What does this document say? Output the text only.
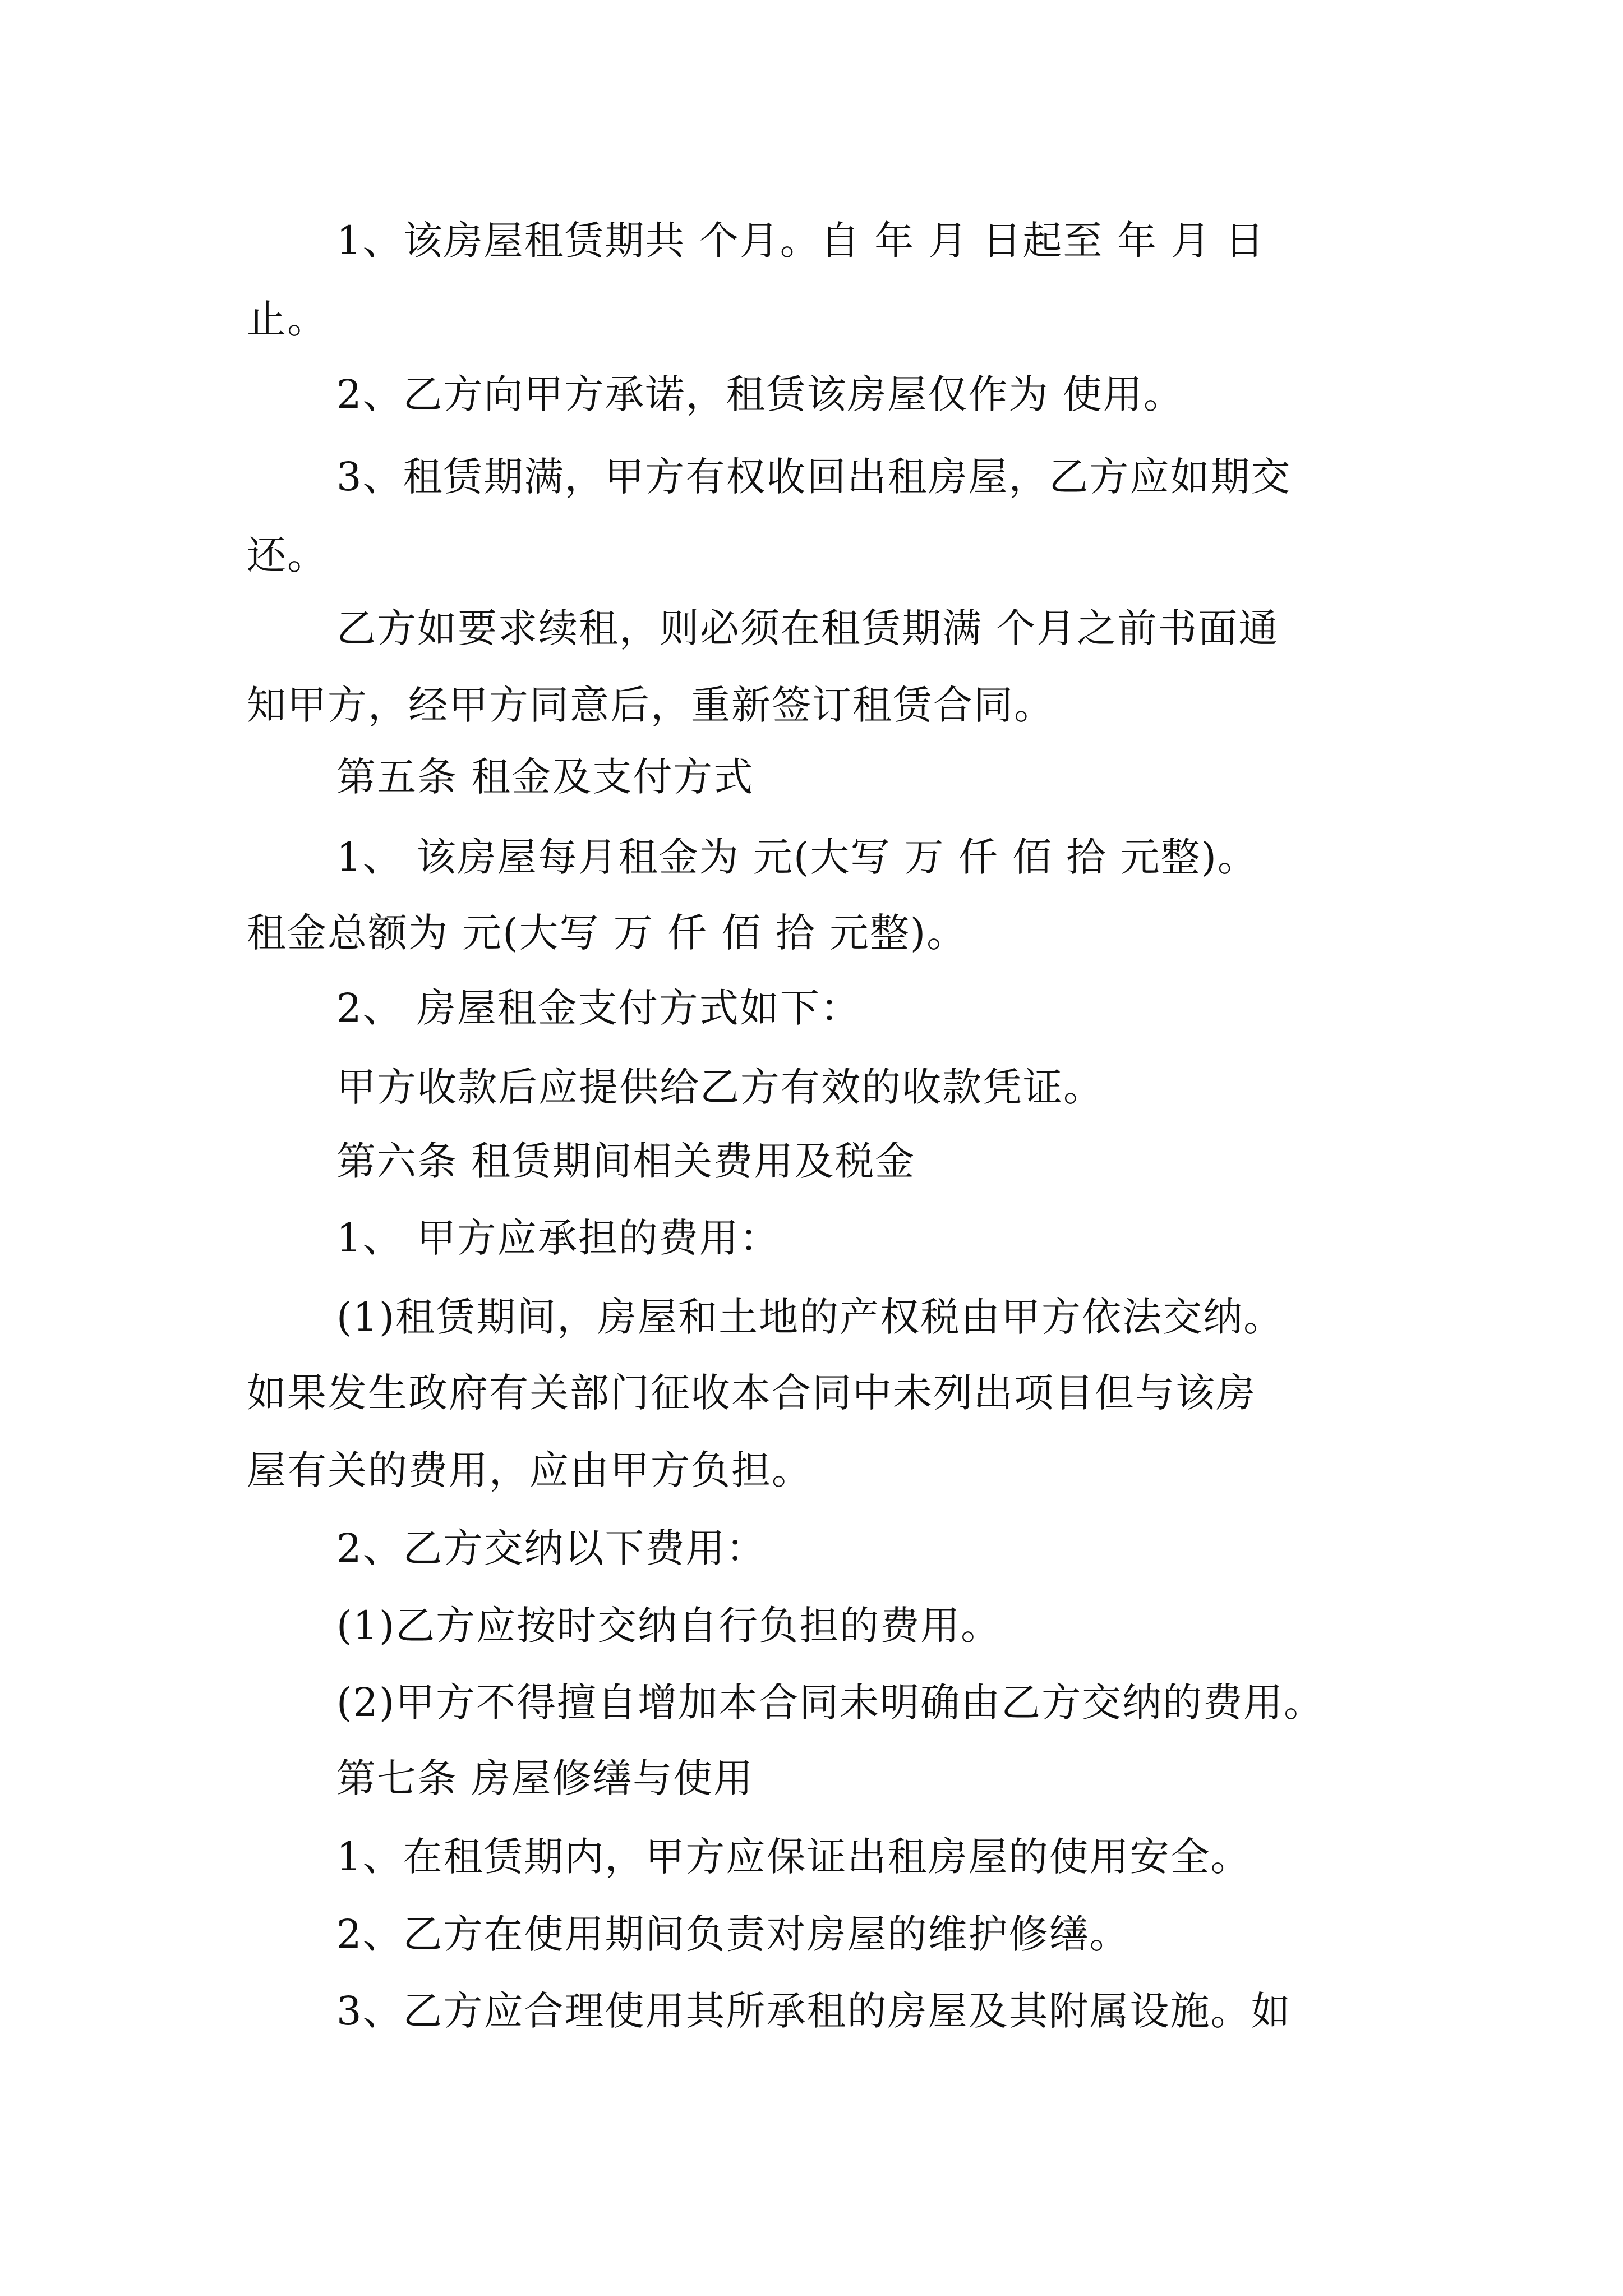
1、该房屋租赁期共 个月。自 年 月 日起至 年 月 日

止。

2、乙方向甲方承诺，租赁该房屋仅作为 使用。

3、租赁期满，甲方有权收回出租房屋，乙方应如期交

还。

乙方如要求续租，则必须在租赁期满 个月之前书面通

知甲方，经甲方同意后，重新签订租赁合同。

第五条 租金及支付方式

1、 该房屋每月租金为 元(大写 万 仟 佰 拾 元整)。

租金总额为 元(大写 万 仟 佰 拾 元整)。

2、 房屋租金支付方式如下：

甲方收款后应提供给乙方有效的收款凭证。

第六条 租赁期间相关费用及税金

1、 甲方应承担的费用：

(1)租赁期间，房屋和土地的产权税由甲方依法交纳。

如果发生政府有关部门征收本合同中未列出项目但与该房

屋有关的费用，应由甲方负担。

2、乙方交纳以下费用：

(1)乙方应按时交纳自行负担的费用。

(2)甲方不得擅自增加本合同未明确由乙方交纳的费用。

第七条 房屋修缮与使用

1、在租赁期内，甲方应保证出租房屋的使用安全。

2、乙方在使用期间负责对房屋的维护修缮。

3、乙方应合理使用其所承租的房屋及其附属设施。如
